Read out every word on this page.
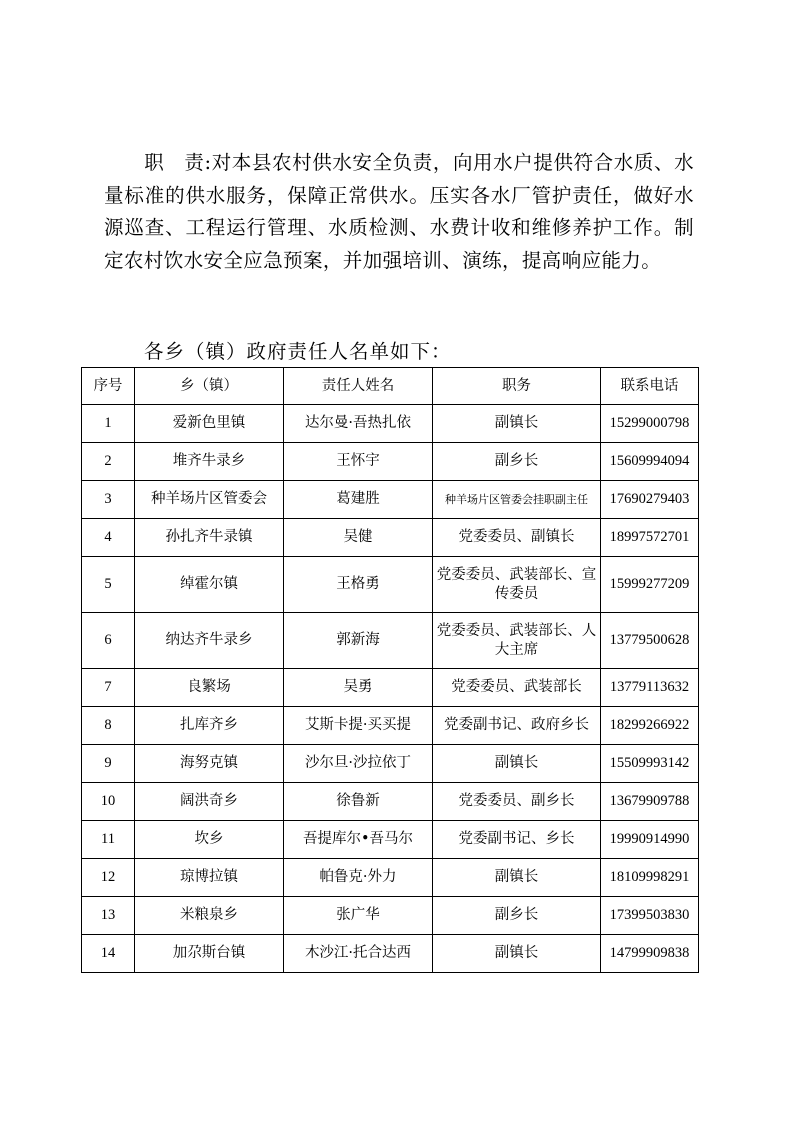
职　责:对本县农村供水安全负责，向用水户提供符合水质、水量标准的供水服务，保障正常供水。压实各水厂管护责任，做好水源巡查、工程运行管理、水质检测、水费计收和维修养护工作。制定农村饮水安全应急预案，并加强培训、演练，提高响应能力。
各乡（镇）政府责任人名单如下：
序号	乡（镇）	责任人姓名	职务	联系电话
1	爱新色里镇	达尔曼·吾热扎依	副镇长	15299000798
2	堆齐牛录乡	王怀宇	副乡长	15609994094
3	种羊场片区管委会	葛建胜	种羊场片区管委会挂职副主任	17690279403
4	孙扎齐牛录镇	吴健	党委委员、副镇长	18997572701
5	绰霍尔镇	王格勇	党委委员、武装部长、宣传委员	15999277209
6	纳达齐牛录乡	郭新海	党委委员、武装部长、人大主席	13779500628
7	良繁场	吴勇	党委委员、武装部长	13779113632
8	扎库齐乡	艾斯卡提·买买提	党委副书记、政府乡长	18299266922
9	海努克镇	沙尔旦·沙拉依丁	副镇长	15509993142
10	阔洪奇乡	徐鲁新	党委委员、副乡长	13679909788
11	坎乡	吾提库尔•吾马尔	党委副书记、乡长	19990914990
12	琼博拉镇	帕鲁克·外力	副镇长	18109998291
13	米粮泉乡	张广华	副乡长	17399503830
14	加尕斯台镇	木沙江·托合达西	副镇长	14799909838
